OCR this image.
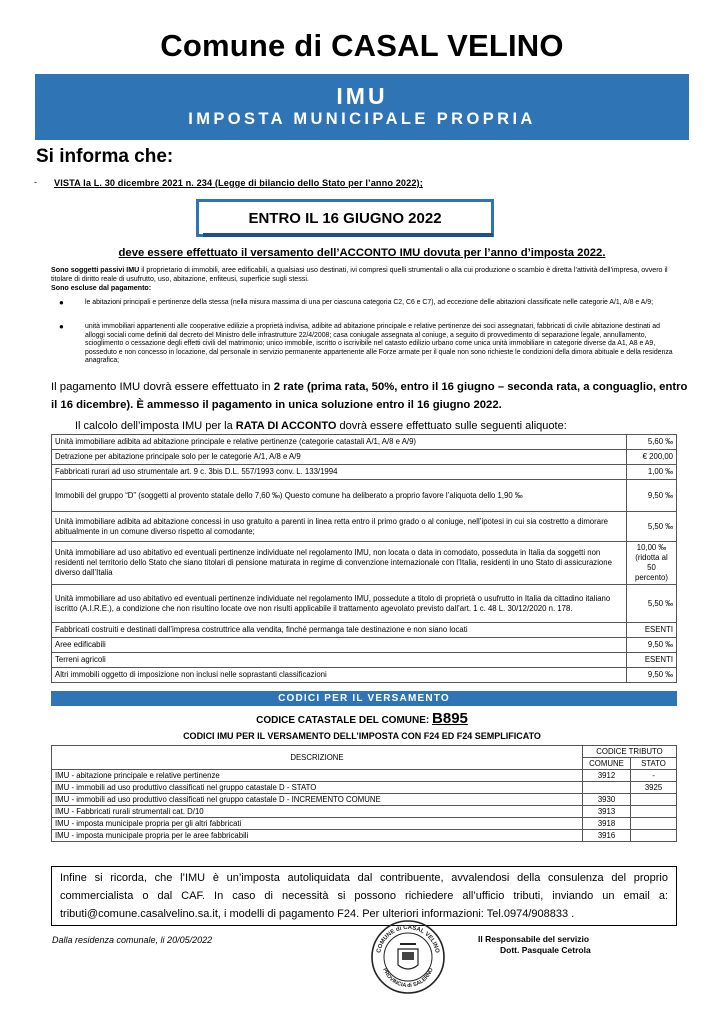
Comune di CASAL VELINO
IMU
IMPOSTA MUNICIPALE PROPRIA
Si informa che:
- VISTA la L. 30 dicembre 2021 n. 234 (Legge di bilancio dello Stato per l’anno 2022);
ENTRO IL 16 GIUGNO 2022
deve essere effettuato il versamento dell’ACCONTO IMU dovuta per l’anno d’imposta 2022.
Sono soggetti passivi IMU il proprietario di immobili, aree edificabili, a qualsiasi uso destinati, ivi compresi quelli strumentali o alla cui produzione o scambio è diretta l’attività dell’impresa, ovvero il titolare di diritto reale di usufrutto, uso, abitazione, enfiteusi, superficie sugli stessi.
Sono escluse dal pagamento:
●	le abitazioni principali e pertinenze della stessa (nella misura massima di una per ciascuna categoria C2, C6 e C7), ad eccezione delle abitazioni classificate nelle categorie A/1, A/8 e A/9;
●	unità immobiliari appartenenti alle cooperative edilizie a proprietà indivisa, adibite ad abitazione principale e relative pertinenze dei soci assegnatari, fabbricati di civile abitazione destinati ad alloggi sociali come definiti dal decreto del Ministro delle infrastrutture 22/4/2008; casa coniugale assegnata al coniuge, a seguito di provvedimento di separazione legale, annullamento, scioglimento o cessazione degli effetti civili del matrimonio; unico immobile, iscritto o iscrivibile nel catasto edilizio urbano come unica unità immobiliare in categorie diverse da A1, A8 e A9, posseduto e non concesso in locazione, dal personale in servizio permanente appartenente alle Forze armate per il quale non sono richieste le condizioni della dimora abituale e della residenza anagrafica;
Il pagamento IMU dovrà essere effettuato in 2 rate (prima rata, 50%, entro il 16 giugno – seconda rata, a conguaglio, entro il 16 dicembre). È ammesso il pagamento in unica soluzione entro il 16 giugno 2022.
Il calcolo dell’imposta IMU per la RATA DI ACCONTO dovrà essere effettuato sulle seguenti aliquote:
Unità immobiliare adibita ad abitazione principale e relative pertinenze (categorie catastali A/1, A/8 e A/9)	5,60 ‰
Detrazione per abitazione principale solo per le categorie A/1, A/8 e A/9	€ 200,00
Fabbricati rurari ad uso strumentale art. 9 c. 3bis D.L. 557/1993 conv. L. 133/1994	1,00 ‰
Immobili del gruppo “D” (soggetti al provento statale dello 7,60 ‰) Questo comune ha deliberato a proprio favore l’aliquota dello 1,90 ‰	9,50 ‰
Unità immobiliare adibita ad abitazione concessi in uso gratuito a parenti in linea retta entro il primo grado o al coniuge, nell’ipotesi in cui sia costretto a dimorare abitualmente in un comune diverso rispetto al comodante;	5,50 ‰
Unità immobiliare ad uso abitativo ed eventuali pertinenze individuate nel regolamento IMU, non locata o data in comodato, posseduta in Italia da soggetti non residenti nel territorio dello Stato che siano titolari di pensione maturata in regime di convenzione internazionale con l’Italia, residenti in uno Stato di assicurazione diverso dall’Italia	10,00 ‰ (ridotta al 50 percento)
Unità immobiliare ad uso abitativo ed eventuali pertinenze individuate nel regolamento IMU, possedute a titolo di proprietà o usufrutto in Italia da cittadino italiano iscritto (A.I.R.E.), a condizione che non risultino locate ove non risulti applicabile il trattamento agevolato previsto dall’art. 1 c. 48 L. 30/12/2020 n. 178.	5,50 ‰
Fabbricati costruiti e destinati dall’impresa costruttrice alla vendita, finché permanga tale destinazione e non siano locati	ESENTI
Aree edificabili	9,50 ‰
Terreni agricoli	ESENTI
Altri immobili oggetto di imposizione non inclusi nelle soprastanti classificazioni	9,50 ‰
CODICI PER IL VERSAMENTO
CODICE CATASTALE DEL COMUNE: B895
CODICI IMU PER IL VERSAMENTO DELL’IMPOSTA CON F24 ED F24 SEMPLIFICATO
DESCRIZIONE	CODICE TRIBUTO	
	COMUNE	STATO
IMU - abitazione principale e relative pertinenze	3912	-
IMU - immobili ad uso produttivo classificati nel gruppo catastale D - STATO		3925
IMU - immobili ad uso produttivo classificati nel gruppo catastale D - INCREMENTO COMUNE	3930	
IMU - Fabbricati rurali strumentali cat. D/10	3913	
IMU - imposta municipale propria per gli altri fabbricati	3918	
IMU - imposta municipale propria per le aree fabbricabili	3916	
Infine si ricorda, che l’IMU è un’imposta autoliquidata dal contribuente, avvalendosi della consulenza del proprio commercialista o dal CAF. In caso di necessità si possono richiedere all’ufficio tributi, inviando un email a: tributi@comune.casalvelino.sa.it, i modelli di pagamento F24. Per ulteriori informazioni: Tel.0974/908833 .
Dalla residenza comunale, li 20/05/2022
COMUNE di CASAL VELINO
PROVINCIA di SALERNO
Il Responsabile del servizio
Dott. Pasquale Cetrola
